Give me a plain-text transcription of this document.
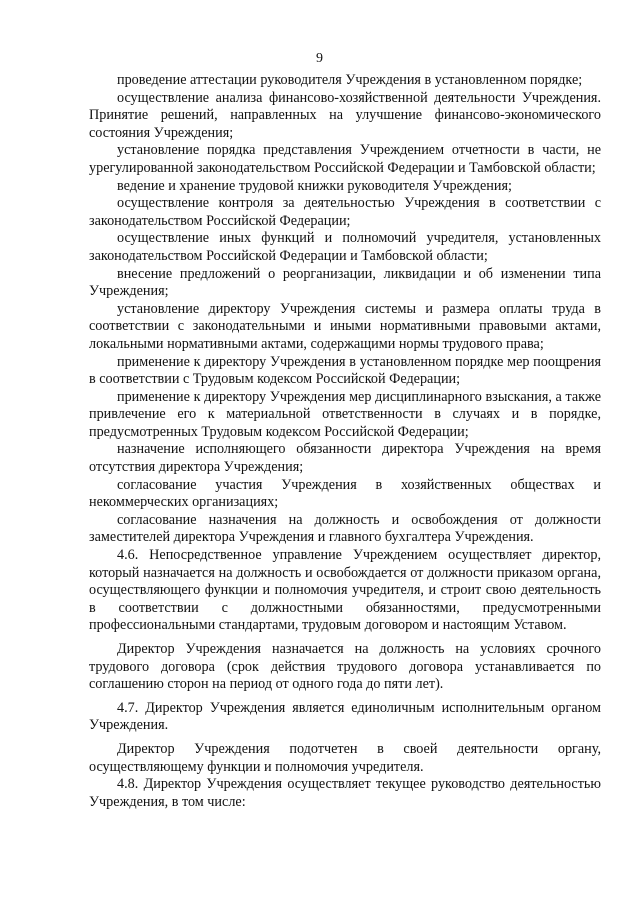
9

проведение аттестации руководителя Учреждения в установленном порядке;

осуществление анализа финансово-хозяйственной деятельности Учреждения. Принятие решений, направленных на улучшение финансово-экономического состояния Учреждения;

установление порядка представления Учреждением отчетности в части, не урегулированной законодательством Российской Федерации и Тамбовской области;

ведение и хранение трудовой книжки руководителя Учреждения;

осуществление контроля за деятельностью Учреждения в соответствии с законодательством Российской Федерации;

осуществление иных функций и полномочий учредителя, установленных законодательством Российской Федерации и Тамбовской области;

внесение предложений о реорганизации, ликвидации и об изменении типа Учреждения;

установление директору Учреждения системы и размера оплаты труда в соответствии с законодательными и иными нормативными правовыми актами, локальными нормативными актами, содержащими нормы трудового права;

применение к директору Учреждения в установленном порядке мер поощрения в соответствии с Трудовым кодексом Российской Федерации;

применение к директору Учреждения мер дисциплинарного взыскания, а также привлечение его к материальной ответственности в случаях и в порядке, предусмотренных Трудовым кодексом Российской Федерации;

назначение исполняющего обязанности директора Учреждения на время отсутствия директора Учреждения;

согласование участия Учреждения в хозяйственных обществах и некоммерческих организациях;

согласование назначения на должность и освобождения от должности заместителей директора Учреждения и главного бухгалтера Учреждения.

4.6. Непосредственное управление Учреждением осуществляет директор, который назначается на должность и освобождается от должности приказом органа, осуществляющего функции и полномочия учредителя, и строит свою деятельность в соответствии с должностными обязанностями, предусмотренными профессиональными стандартами, трудовым договором и настоящим Уставом.

Директор Учреждения назначается на должность на условиях срочного трудового договора (срок действия трудового договора устанавливается по соглашению сторон на период от одного года до пяти лет).

4.7. Директор Учреждения является единоличным исполнительным органом Учреждения.

Директор Учреждения подотчетен в своей деятельности органу, осуществляющему функции и полномочия учредителя.

4.8. Директор Учреждения осуществляет текущее руководство деятельностью Учреждения, в том числе:
